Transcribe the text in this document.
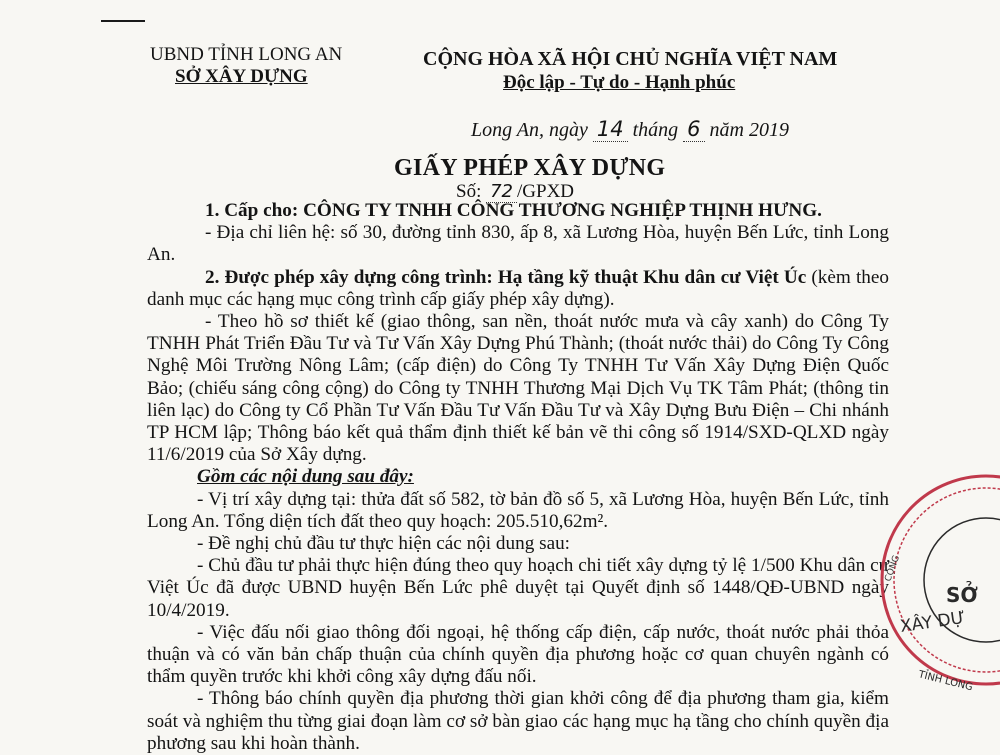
UBND TỈNH LONG AN
SỞ XÂY DỰNG
CỘNG HÒA XÃ HỘI CHỦ NGHĨA VIỆT NAM
Độc lập - Tự do - Hạnh phúc
Long An, ngày 14 tháng 6 năm 2019
GIẤY PHÉP XÂY DỰNG
Số: 72 /GPXD

1. Cấp cho: CÔNG TY TNHH CÔNG THƯƠNG NGHIỆP THỊNH HƯNG.

- Địa chỉ liên hệ: số 30, đường tỉnh 830, ấp 8, xã Lương Hòa, huyện Bến Lức, tỉnh Long An.

2. Được phép xây dựng công trình: Hạ tầng kỹ thuật Khu dân cư Việt Úc (kèm theo danh mục các hạng mục công trình cấp giấy phép xây dựng).

- Theo hồ sơ thiết kế (giao thông, san nền, thoát nước mưa và cây xanh) do Công Ty TNHH Phát Triển Đầu Tư và Tư Vấn Xây Dựng Phú Thành; (thoát nước thải) do Công Ty Công Nghệ Môi Trường Nông Lâm; (cấp điện) do Công Ty TNHH Tư Vấn Xây Dựng Điện Quốc Bảo; (chiếu sáng công cộng) do Công ty TNHH Thương Mại Dịch Vụ TK Tâm Phát; (thông tin liên lạc) do Công ty Cổ Phần Tư Vấn Đầu Tư Vấn Đầu Tư và Xây Dựng Bưu Điện – Chi nhánh TP HCM lập; Thông báo kết quả thẩm định thiết kế bản vẽ thi công số 1914/SXD-QLXD ngày 11/6/2019 của Sở Xây dựng.

Gồm các nội dung sau đây:

- Vị trí xây dựng tại: thửa đất số 582, tờ bản đồ số 5, xã Lương Hòa, huyện Bến Lức, tỉnh Long An. Tổng diện tích đất theo quy hoạch: 205.510,62m².

- Đề nghị chủ đầu tư thực hiện các nội dung sau:

- Chủ đầu tư phải thực hiện đúng theo quy hoạch chi tiết xây dựng tỷ lệ 1/500 Khu dân cư Việt Úc đã được UBND huyện Bến Lức phê duyệt tại Quyết định số 1448/QĐ-UBND ngày 10/4/2019.

- Việc đấu nối giao thông đối ngoại, hệ thống cấp điện, cấp nước, thoát nước phải thỏa thuận và có văn bản chấp thuận của chính quyền địa phương hoặc cơ quan chuyên ngành có thẩm quyền trước khi khởi công xây dựng đấu nối.

- Thông báo chính quyền địa phương thời gian khởi công để địa phương tham gia, kiểm soát và nghiệm thu từng giai đoạn làm cơ sở bàn giao các hạng mục hạ tầng cho chính quyền địa phương sau khi hoàn thành.

CỘNG
SỞ
XÂY DỰ
TỈNH LONG
